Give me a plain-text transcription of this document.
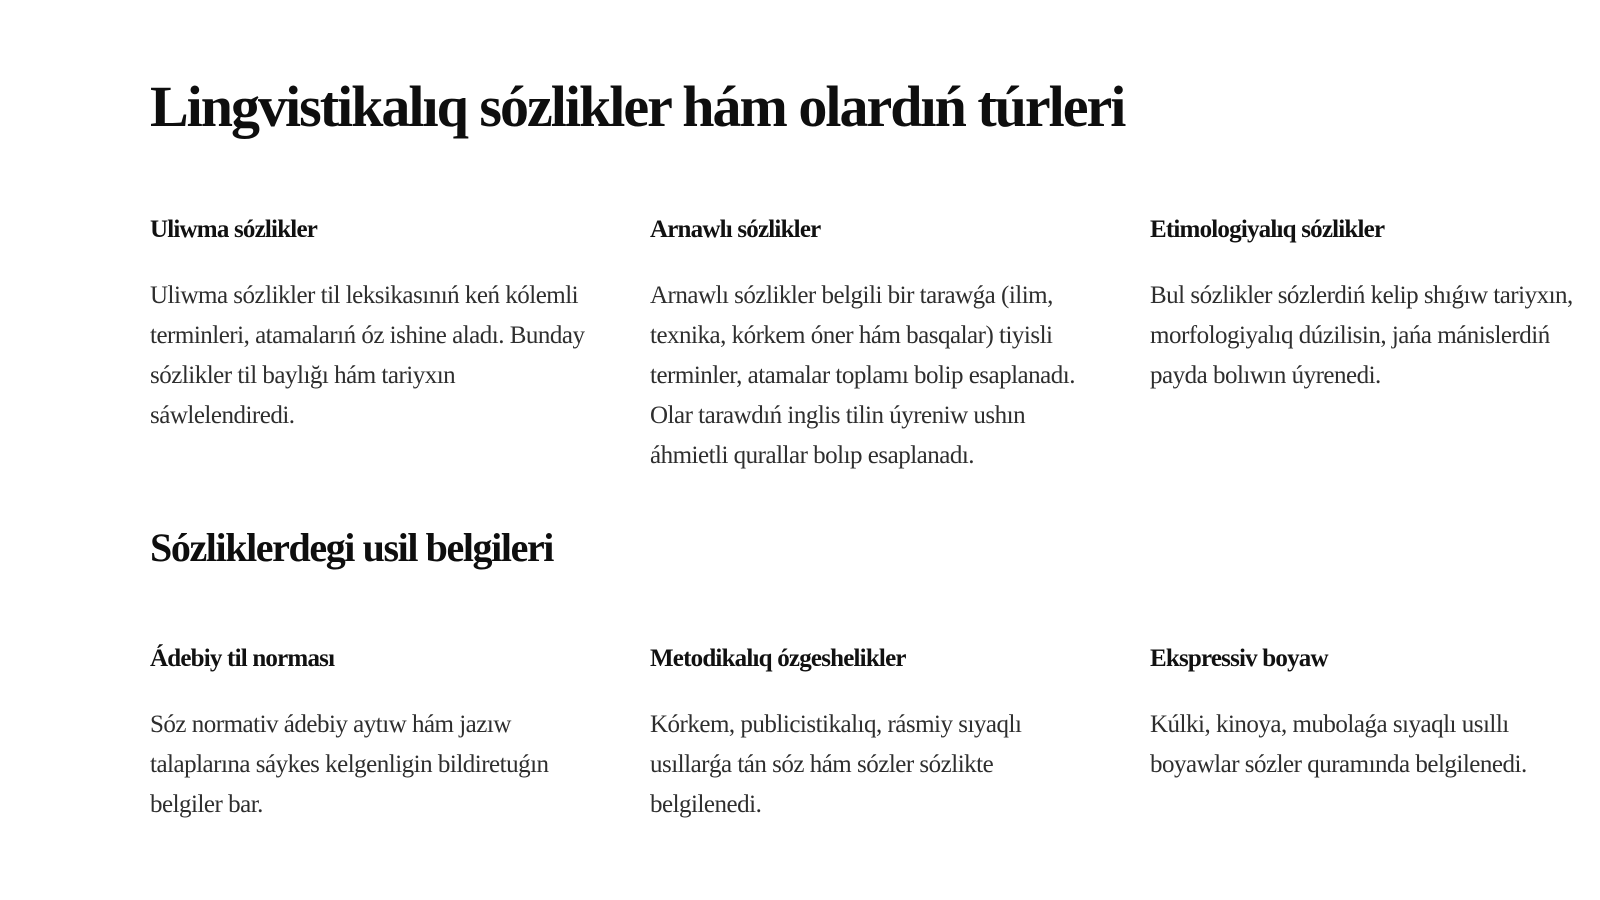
Lingvistikalıq sózlikler hám olardıń túrleri
Uliwma sózlikler

Uliwma sózlikler til leksikasınıń keń kólemli terminleri, atamalarıń óz ishine aladı. Bunday sózlikler til baylığı hám tariyxın sáwlelendiredi.

Arnawlı sózlikler

Arnawlı sózlikler belgili bir tarawǵa (ilim, texnika, kórkem óner hám basqalar) tiyisli terminler, atamalar toplamı bolip esaplanadı. Olar tarawdıń inglis tilin úyreniw ushın áhmietli qurallar bolıp esaplanadı.

Etimologiyalıq sózlikler

Bul sózlikler sózlerdiń kelip shıǵıw tariyxın, morfologiyalıq dúzilisin, jańa mánislerdiń payda bolıwın úyrenedi.

Sózliklerdegi usil belgileri
Ádebiy til norması

Sóz normativ ádebiy aytıw hám jazıw talaplarına sáykes kelgenligin bildiretuǵın belgiler bar.

Metodikalıq ózgeshelikler

Kórkem, publicistikalıq, rásmiy sıyaqlı usıllarǵa tán sóz hám sózler sózlikte belgilenedi.

Ekspressiv boyaw

Kúlki, kinoya, mubolaǵa sıyaqlı usıllı boyawlar sózler quramında belgilenedi.
